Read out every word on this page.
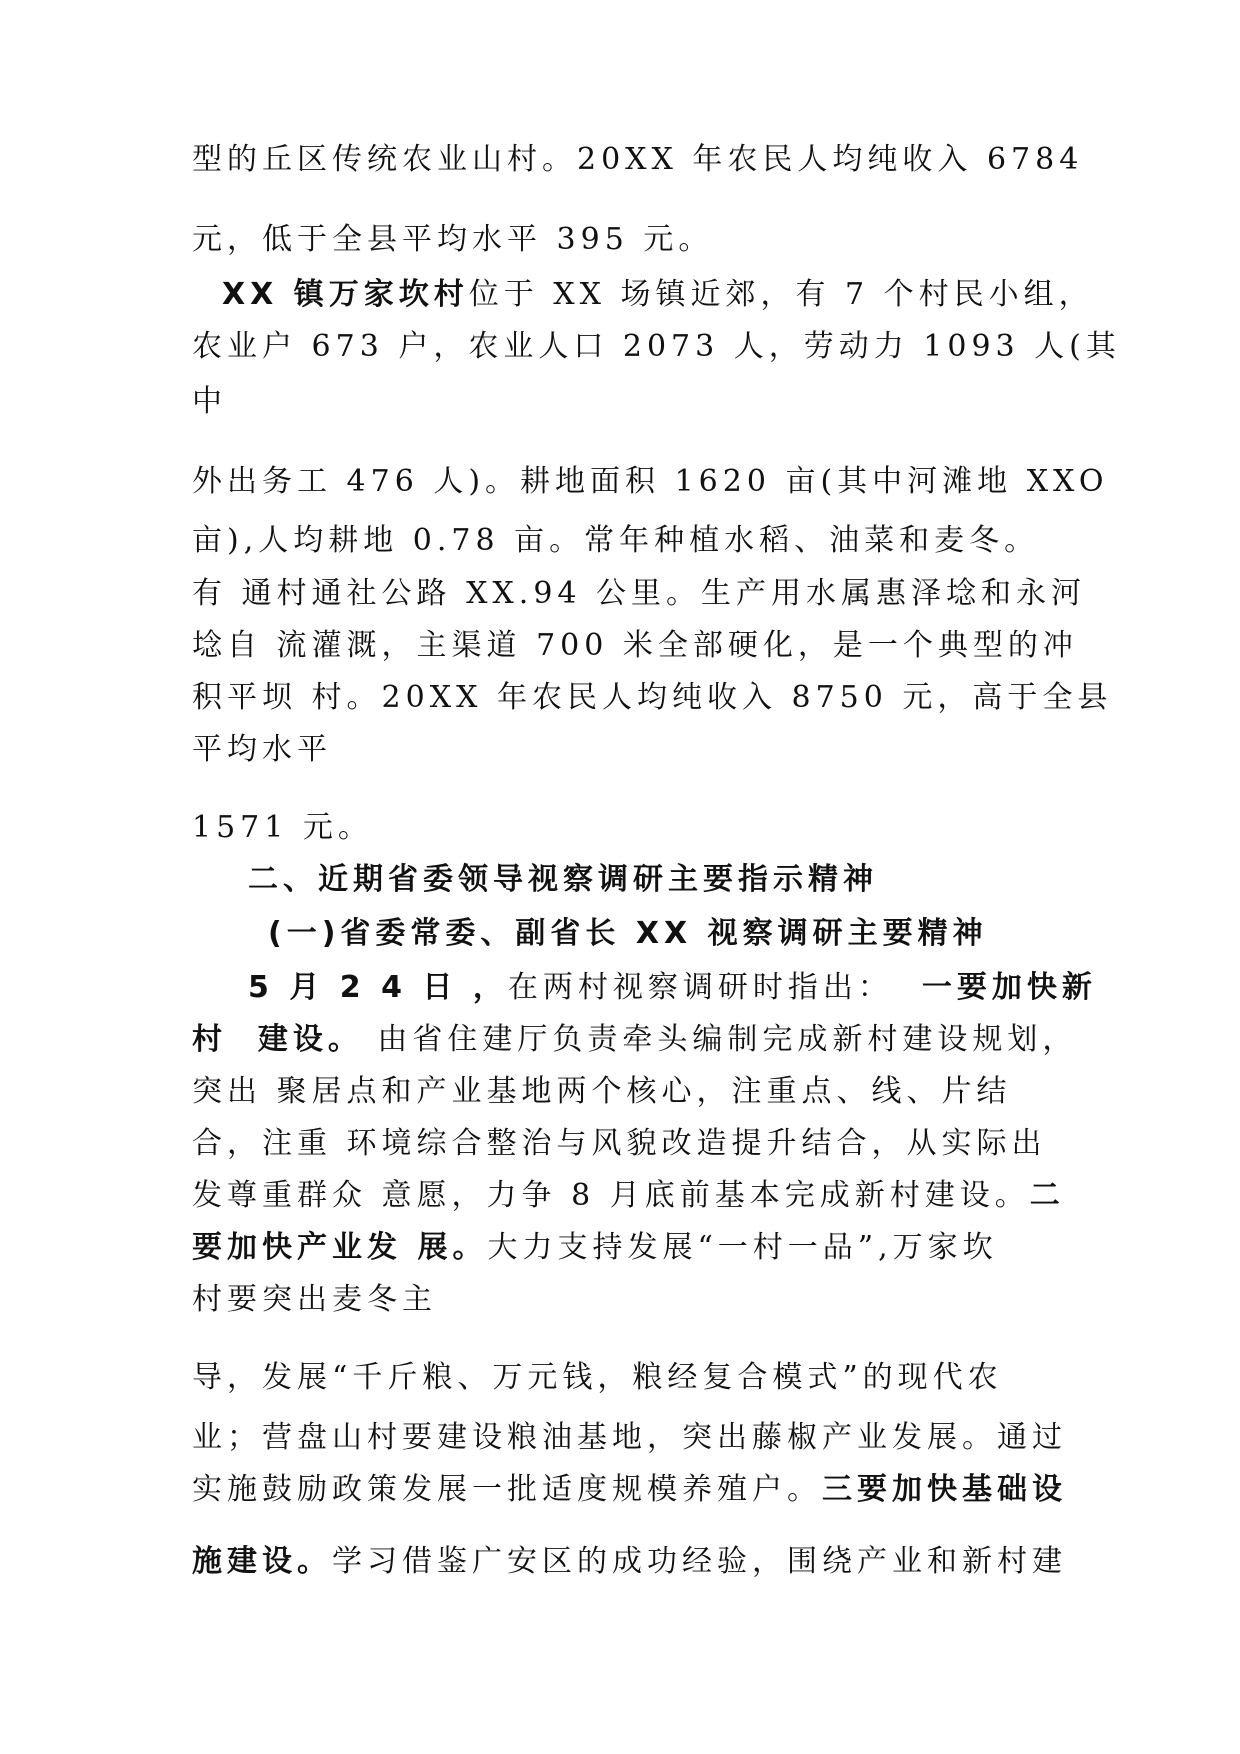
型的丘区传统农业山村。20XX 年农民人均纯收入 6784

元，低于全县平均水平 395 元。

XX 镇万家坎村位于 XX 场镇近郊，有 7 个村民小组，

农业户 673 户，农业人口 2073 人，劳动力 1093 人(其

中

外出务工 476 人)。耕地面积 1620 亩(其中河滩地 XXO

亩),人均耕地 0.78 亩。常年种植水稻、油菜和麦冬。

有 通村通社公路 XX.94 公里。生产用水属惠泽埝和永河

埝自 流灌溉，主渠道 700 米全部硬化，是一个典型的冲

积平坝 村。20XX 年农民人均纯收入 8750 元，高于全县

平均水平

1571 元。

二、近期省委领导视察调研主要指示精神

(一)省委常委、副省长 XX 视察调研主要精神

5 月 2 4 日 ，在两村视察调研时指出：  一要加快新

村  建设。 由省住建厅负责牵头编制完成新村建设规划，

突出 聚居点和产业基地两个核心，注重点、线、片结

合，注重 环境综合整治与风貌改造提升结合，从实际出

发尊重群众 意愿，力争 8 月底前基本完成新村建设。二

要加快产业发 展。大力支持发展“一村一品”,万家坎

村要突出麦冬主

导，发展“千斤粮、万元钱，粮经复合模式”的现代农

业；营盘山村要建设粮油基地，突出藤椒产业发展。通过

实施鼓励政策发展一批适度规模养殖户。三要加快基础设

施建设。学习借鉴广安区的成功经验，围绕产业和新村建
